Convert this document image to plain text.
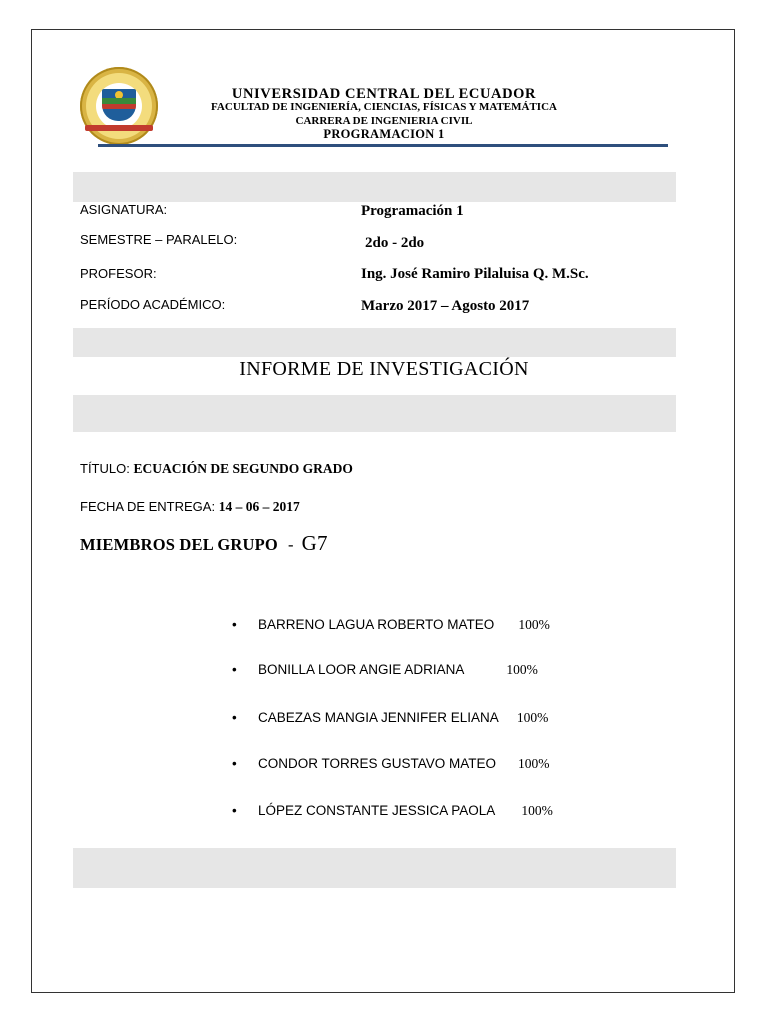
UNIVERSIDAD CENTRAL DEL ECUADOR
FACULTAD DE INGENIERÍA, CIENCIAS, FÍSICAS Y MATEMÁTICA
CARRERA DE INGENIERIA CIVIL
PROGRAMACION 1
ASIGNATURA:	Programación 1
SEMESTRE – PARALELO:	2do - 2do
PROFESOR:	Ing. José Ramiro Pilaluisa Q. M.Sc.
PERÍODO ACADÉMICO:	Marzo 2017 – Agosto 2017
INFORME DE INVESTIGACIÓN
TÍTULO: ECUACIÓN DE SEGUNDO GRADO
FECHA DE ENTREGA: 14 – 06 – 2017
MIEMBROS DEL GRUPO - G7
• BARRENO LAGUA ROBERTO MATEO 100%
• BONILLA LOOR ANGIE ADRIANA	100%
• CABEZAS MANGIA JENNIFER ELIANA 100%
• CONDOR TORRES GUSTAVO MATEO 100%
• LÓPEZ CONSTANTE JESSICA PAOLA 100%
